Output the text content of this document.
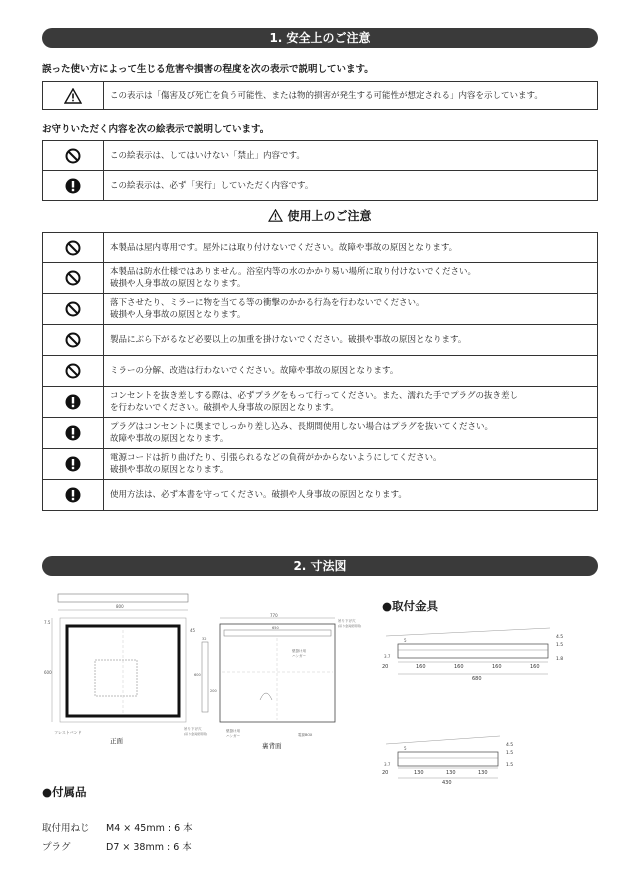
1. 安全上のご注意
誤った使い方によって生じる危害や損害の程度を次の表示で説明しています。
	この表示は「傷害及び死亡を負う可能性、または物的損害が発生する可能性が想定される」内容を示しています。
お守りいただく内容を次の絵表示で説明しています。
	この絵表示は、してはいけない「禁止」内容です。

	この絵表示は、必ず「実行」していただく内容です。
使用上のご注意

本製品は屋内専用です。屋外には取り付けないでください。故障や事故の原因となります。

本製品は防水仕様ではありません。浴室内等の水のかかり易い場所に取り付けないでください。
破損や人身事故の原因となります。

落下させたり、ミラーに物を当てる等の衝撃のかかる行為を行わないでください。
破損や人身事故の原因となります。

製品にぶら下がるなど必要以上の加重を掛けないでください。破損や事故の原因となります。

ミラーの分解、改造は行わないでください。故障や事故の原因となります。

コンセントを抜き差しする際は、必ずプラグをもって行ってください。また、濡れた手でプラグの抜き差し
を行わないでください。破損や人身事故の原因となります。

プラグはコンセントに奥までしっかり差し込み、長期間使用しない場合はプラグを抜いてください。
故障や事故の原因となります。

電源コードは折り曲げたり、引張られるなどの負荷がかからないようにしてください。
破損や事故の原因となります。

使用方法は、必ず本書を守ってください。破損や人身事故の原因となります。
2. 寸法図
800
600
7.5
45
フレストバンド
正面
770
650
600
200
32
吊り下げ穴
(吊り金具使用用)
壁掛け用
ハンガー
電源BOX
壁掛け用
ハンガー
吊り下げ穴
(吊り金具使用用)
裏背面
●取付金具
5
3.7
20	160	160	160	160
680
4.5
1.5
1.8
5
3.7
20	130	130	130
430
4.5
1.5
1.5
●付属品
取付用ねじ M4 × 45mm : 6 本
プラグ	D7 × 38mm : 6 本
